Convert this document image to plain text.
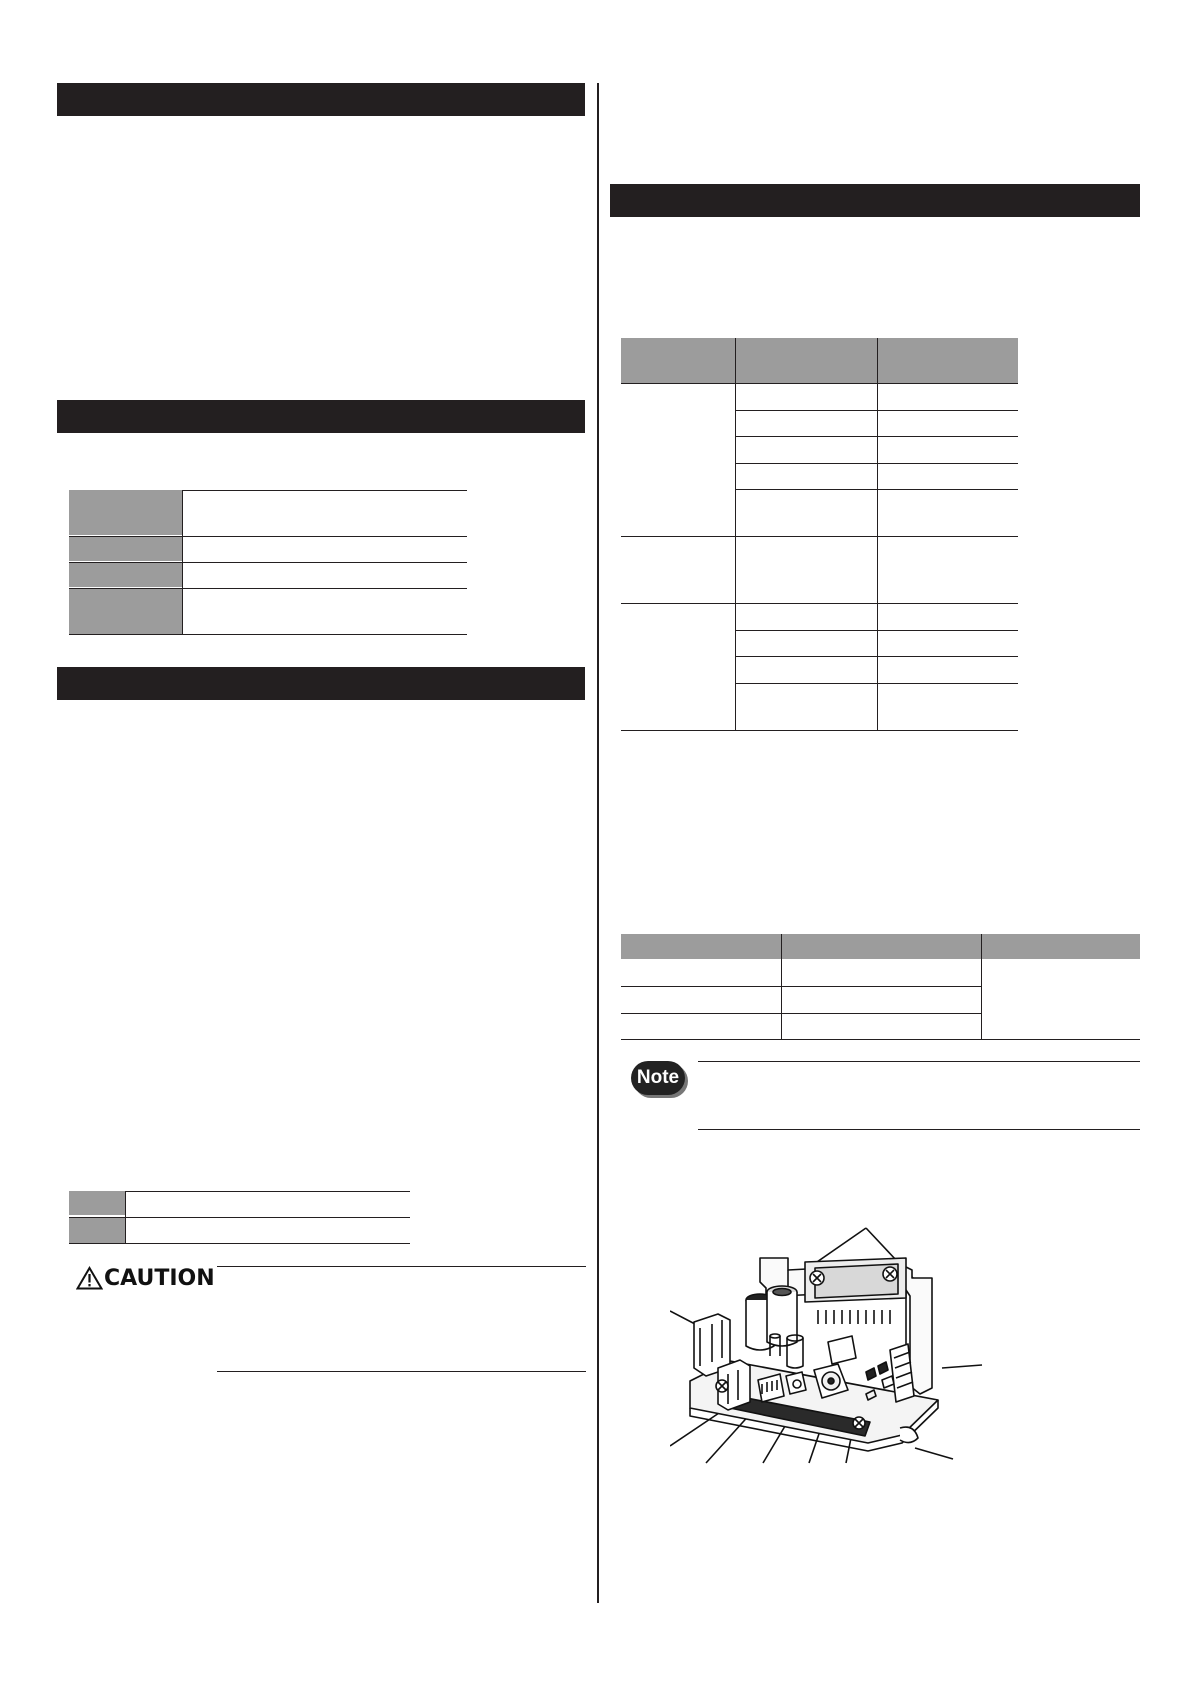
CAUTION
Note
